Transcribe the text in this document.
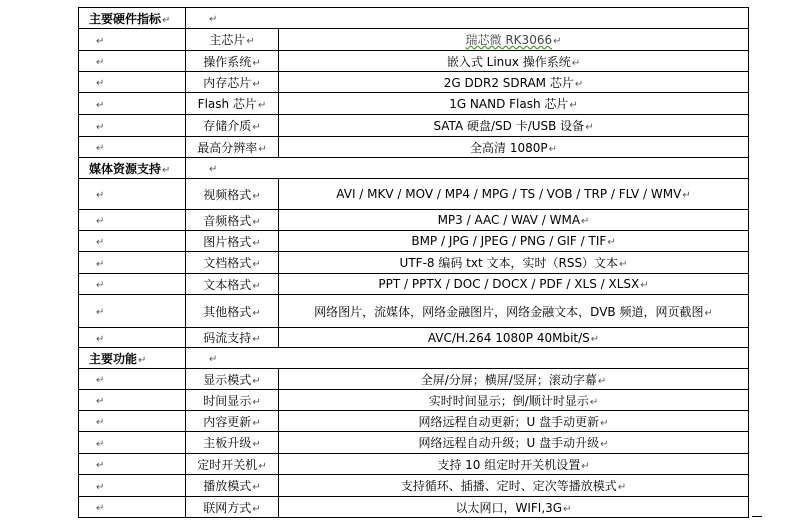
主要硬件指标↵	↵	
↵	主芯片↵	瑞芯微 RK3066↵
↵	操作系统↵	嵌入式 Linux 操作系统↵
↵	内存芯片↵	2G DDR2 SDRAM 芯片↵
↵	Flash 芯片↵	1G NAND Flash 芯片↵
↵	存储介质↵	SATA 硬盘/SD 卡/USB 设备↵
↵	最高分辨率↵	全高清 1080P↵
媒体资源支持↵	↵	
↵	视频格式↵	AVI / MKV / MOV / MP4 / MPG / TS / VOB / TRP / FLV / WMV↵
↵	音频格式↵	MP3 / AAC / WAV / WMA↵
↵	图片格式↵	BMP / JPG / JPEG / PNG / GIF / TIF↵
↵	文档格式↵	UTF-8 编码 txt 文本，实时（RSS）文本↵
↵	文本格式↵	PPT / PPTX / DOC / DOCX / PDF / XLS / XLSX↵
↵	其他格式↵	网络图片，流媒体，网络金融图片，网络金融文本，DVB 频道，网页截图↵
↵	码流支持↵	AVC/H.264 1080P 40Mbit/S↵
主要功能↵	↵	
↵	显示模式↵	全屏/分屏；横屏/竖屏；滚动字幕↵
↵	时间显示↵	实时时间显示；倒/顺计时显示↵
↵	内容更新↵	网络远程自动更新；U 盘手动更新↵
↵	主板升级↵	网络远程自动升级；U 盘手动升级↵
↵	定时开关机↵	支持 10 组定时开关机设置↵
↵	播放模式↵	支持循环、插播、定时、定次等播放模式↵
↵	联网方式↵	以太网口，WIFI,3G↵
